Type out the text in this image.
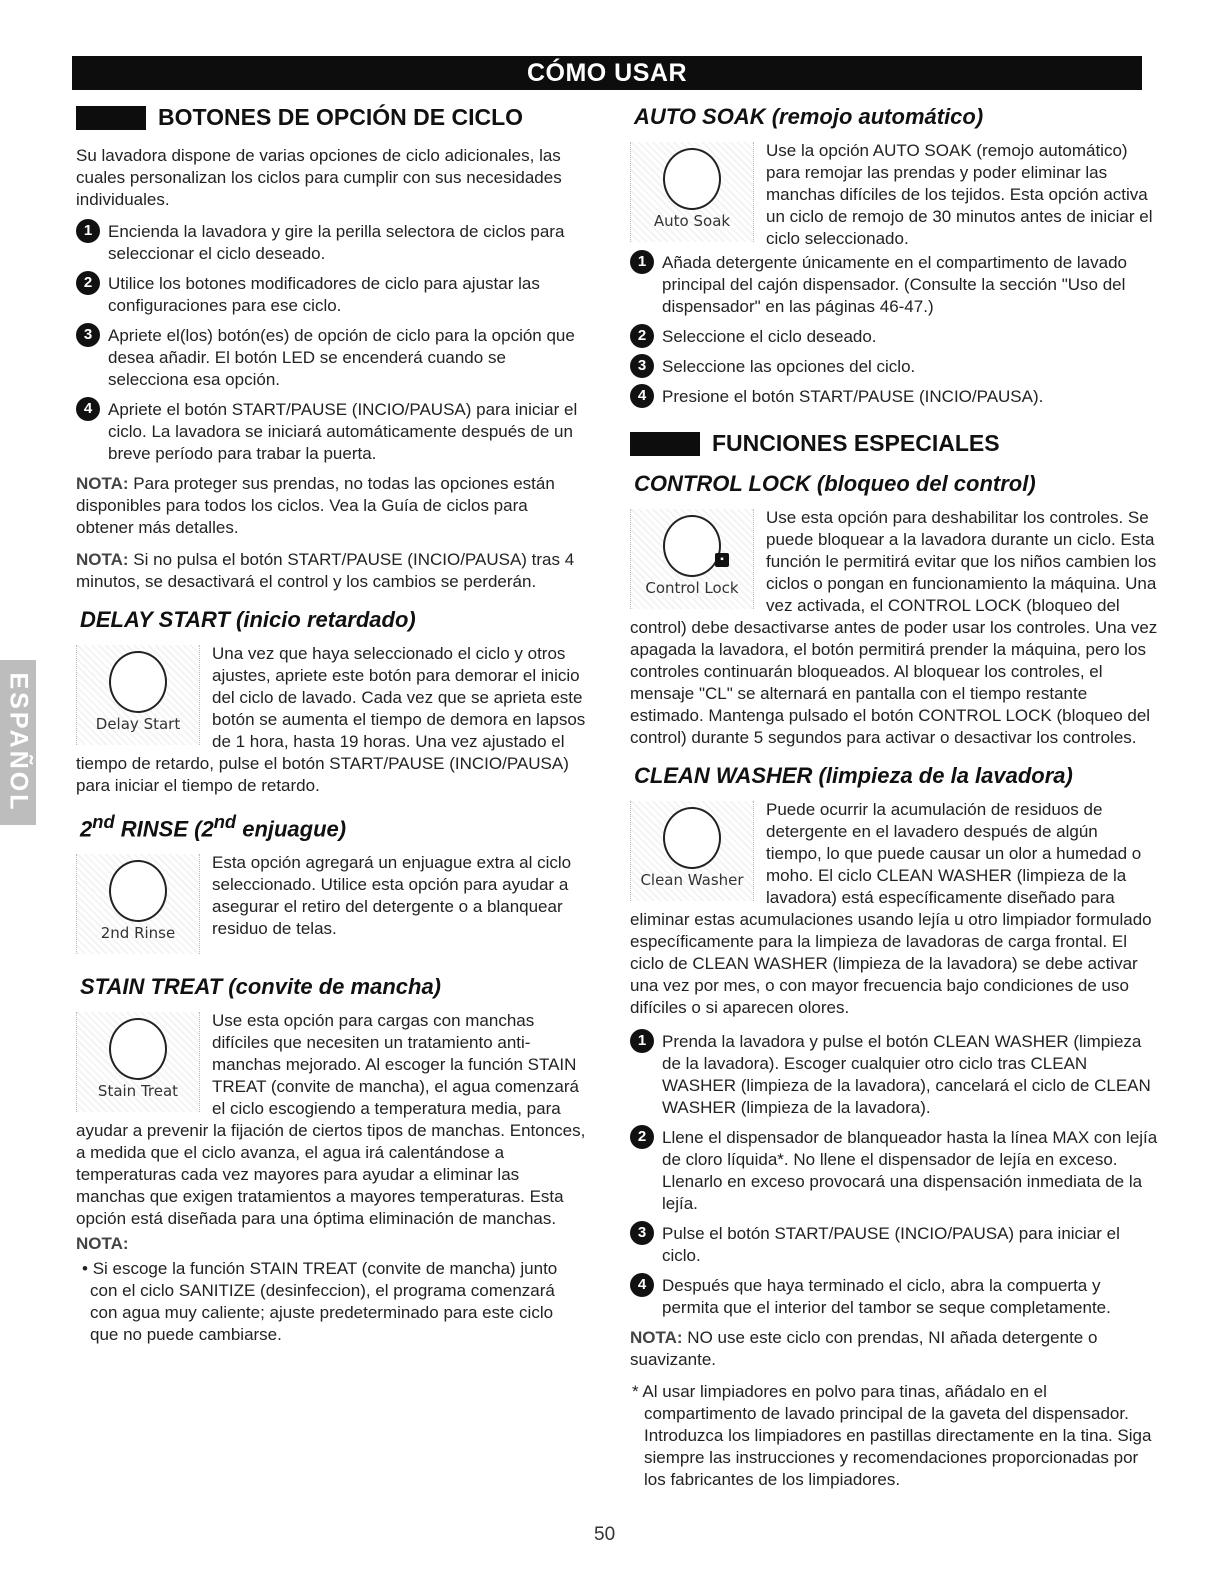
CÓMO USAR
ESPAÑOL
BOTONES DE OPCIÓN DE CICLO

Su lavadora dispone de varias opciones de ciclo adicionales, las cuales personalizan los ciclos para cumplir con sus necesidades individuales.

1 Encienda la lavadora y gire la perilla selectora de ciclos para seleccionar el ciclo deseado.
2 Utilice los botones modificadores de ciclo para ajustar las configuraciones para ese ciclo.
3 Apriete el(los) botón(es) de opción de ciclo para la opción que desea añadir. El botón LED se encenderá cuando se selecciona esa opción.
4 Apriete el botón START/PAUSE (INCIO/PAUSA) para iniciar el ciclo. La lavadora se iniciará automáticamente después de un breve período para trabar la puerta.

NOTA: Para proteger sus prendas, no todas las opciones están disponibles para todos los ciclos. Vea la Guía de ciclos para obtener más detalles.

NOTA: Si no pulsa el botón START/PAUSE (INCIO/PAUSA) tras 4 minutos, se desactivará el control y los cambios se perderán.

DELAY START (inicio retardado)
Delay Start

Una vez que haya seleccionado el ciclo y otros ajustes, apriete este botón para demorar el inicio del ciclo de lavado. Cada vez que se aprieta este botón se aumenta el tiempo de demora en lapsos de 1 hora, hasta 19 horas. Una vez ajustado el tiempo de retardo, pulse el botón START/PAUSE (INCIO/PAUSA) para iniciar el tiempo de retardo.

2nd RINSE (2nd enjuague)
2nd Rinse

Esta opción agregará un enjuague extra al ciclo seleccionado. Utilice esta opción para ayudar a asegurar el retiro del detergente o a blanquear residuo de telas.

STAIN TREAT (convite de mancha)
Stain Treat

Use esta opción para cargas con manchas difíciles que necesiten un tratamiento anti-manchas mejorado. Al escoger la función STAIN TREAT (convite de mancha), el agua comenzará el ciclo escogiendo a temperatura media, para ayudar a prevenir la fijación de ciertos tipos de manchas. Entonces, a medida que el ciclo avanza, el agua irá calentándose a temperaturas cada vez mayores para ayudar a eliminar las manchas que exigen tratamientos a mayores temperaturas. Esta opción está diseñada para una óptima eliminación de manchas.

NOTA:

• Si escoge la función STAIN TREAT (convite de mancha) junto con el ciclo SANITIZE (desinfeccion), el programa comenzará con agua muy caliente; ajuste predeterminado para este ciclo que no puede cambiarse.

AUTO SOAK (remojo automático)
Auto Soak

Use la opción AUTO SOAK (remojo automático) para remojar las prendas y poder eliminar las manchas difíciles de los tejidos. Esta opción activa un ciclo de remojo de 30 minutos antes de iniciar el ciclo seleccionado.

1 Añada detergente únicamente en el compartimento de lavado principal del cajón dispensador. (Consulte la sección "Uso del dispensador" en las páginas 46-47.)
2 Seleccione el ciclo deseado.
3 Seleccione las opciones del ciclo.
4 Presione el botón START/PAUSE (INCIO/PAUSA).
FUNCIONES ESPECIALES
CONTROL LOCK (bloqueo del control)
▪
Control Lock

Use esta opción para deshabilitar los controles. Se puede bloquear a la lavadora durante un ciclo. Esta función le permitirá evitar que los niños cambien los ciclos o pongan en funcionamiento la máquina. Una vez activada, el CONTROL LOCK (bloqueo del control) debe desactivarse antes de poder usar los controles. Una vez apagada la lavadora, el botón permitirá prender la máquina, pero los controles continuarán bloqueados. Al bloquear los controles, el mensaje "CL" se alternará en pantalla con el tiempo restante estimado. Mantenga pulsado el botón CONTROL LOCK (bloqueo del control) durante 5 segundos para activar o desactivar los controles.

CLEAN WASHER (limpieza de la lavadora)
Clean Washer

Puede ocurrir la acumulación de residuos de detergente en el lavadero después de algún tiempo, lo que puede causar un olor a humedad o moho. El ciclo CLEAN WASHER (limpieza de la lavadora) está específicamente diseñado para eliminar estas acumulaciones usando lejía u otro limpiador formulado específicamente para la limpieza de lavadoras de carga frontal. El ciclo de CLEAN WASHER (limpieza de la lavadora) se debe activar una vez por mes, o con mayor frecuencia bajo condiciones de uso difíciles o si aparecen olores.

1 Prenda la lavadora y pulse el botón CLEAN WASHER (limpieza de la lavadora). Escoger cualquier otro ciclo tras CLEAN WASHER (limpieza de la lavadora), cancelará el ciclo de CLEAN WASHER (limpieza de la lavadora).
2 Llene el dispensador de blanqueador hasta la línea MAX con lejía de cloro líquida*. No llene el dispensador de lejía en exceso. Llenarlo en exceso provocará una dispensación inmediata de la lejía.
3 Pulse el botón START/PAUSE (INCIO/PAUSA) para iniciar el ciclo.
4 Después que haya terminado el ciclo, abra la compuerta y permita que el interior del tambor se seque completamente.

NOTA: NO use este ciclo con prendas, NI añada detergente o suavizante.

* Al usar limpiadores en polvo para tinas, añádalo en el compartimento de lavado principal de la gaveta del dispensador. Introduzca los limpiadores en pastillas directamente en la tina. Siga siempre las instrucciones y recomendaciones proporcionadas por los fabricantes de los limpiadores.

50
